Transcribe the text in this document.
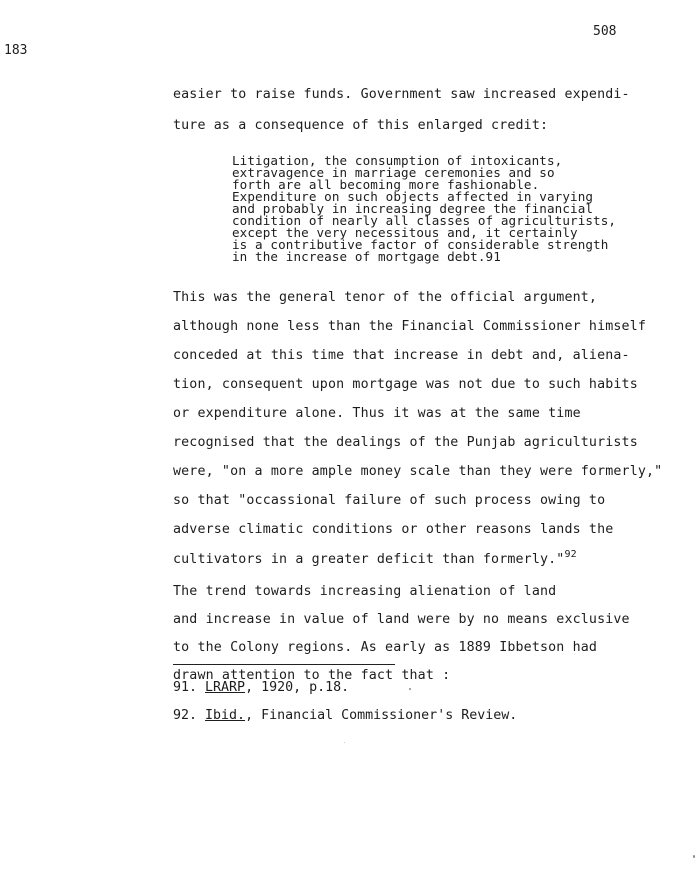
508
183
easier to raise funds. Government saw increased expendi-
ture as a consequence of this enlarged credit:
Litigation, the consumption of intoxicants,
extravagence in marriage ceremonies and so
forth are all becoming more fashionable.
Expenditure on such objects affected in varying
and probably in increasing degree the financial
condition of nearly all classes of agriculturists,
except the very necessitous and, it certainly
is a contributive factor of considerable strength
in the increase of mortgage debt.91
This was the general tenor of the official argument,
although none less than the Financial Commissioner himself
conceded at this time that increase in debt and, aliena-
tion, consequent upon mortgage was not due to such habits
or expenditure alone. Thus it was at the same time
recognised that the dealings of the Punjab agriculturists
were, "on a more ample money scale than they were formerly,"
so that "occassional failure of such process owing to
adverse climatic conditions or other reasons lands the
cultivators in a greater deficit than formerly."$^{92}$
The trend towards increasing alienation of land
and increase in value of land were by no means exclusive
to the Colony regions. As early as 1889 Ibbetson had
drawn attention to the fact that :
91. LRARP, 1920, p.18.
92. Ibid., Financial Commissioner's Review.
